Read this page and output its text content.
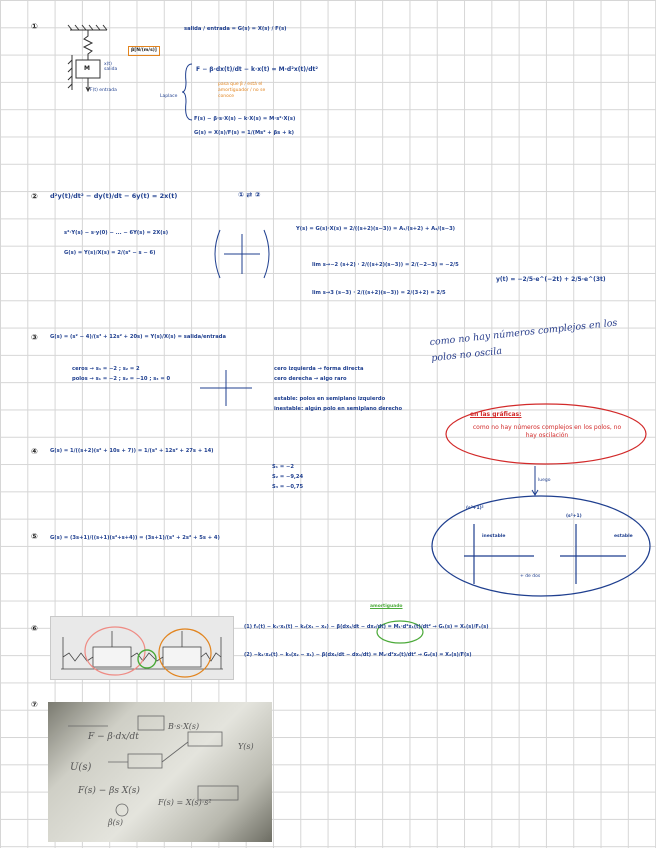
①
②
③
④
⑤
⑥
⑦
M
x(t) salida
F(t) entrada
β[N/(m/s)]
salida / entrada = G(s) = X(s) / F(s)
F − β·dx(t)/dt − k·x(t) = M·d²x(t)/dt²
pasa que β / está el amortiguador / no se conoce
Laplace
F(s) − β·s·X(s) − k·X(s) = M·s²·X(s)
G(s) = X(s)/F(s) = 1/(Ms² + βs + k)
d²y(t)/dt² − dy(t)/dt − 6y(t) = 2x(t)	① ⇄ ②
s²·Y(s) − s·y(0) − ... − 6Y(s) = 2X(s)
G(s) = Y(s)/X(s) = 2/(s² − s − 6)
Y(s) = G(s)·X(s) = 2/((s+2)(s−3)) = A₁/(s+2) + A₂/(s−3)
lim s→−2 (s+2) · 2/((s+2)(s−3)) = 2/(−2−3) = −2/5
lim s→3 (s−3) · 2/((s+2)(s−3)) = 2/(3+2) = 2/5
y(t) = −2/5·e^(−2t) + 2/5·e^(3t)
G(s) = (s² − 4)/(s³ + 12s² + 20s) = Y(s)/X(s) = salida/entrada
ceros → s₁ = −2 ; s₂ = 2
polos → s₁ = −2 ; s₂ = −10 ; s₃ = 0
cero izquierda → forma directa
cero derecha → algo raro
estable: polos en semiplano izquierdo
inestable: algún polo en semiplano derecho
como no hay números complejos en los polos no oscila
en las gráficas:
como no hay números complejos en los polos, no hay oscilación
G(s) = 1/((s+2)(s² + 10s + 7)) = 1/(s³ + 12s² + 27s + 14)
S₁ = −2
S₂ = −9,24
S₃ = −0,75
luego
(s²+1)²
(s²+1)
inestable	estable
+ de dos
G(s) = (3s+1)/((s+1)(s²+s+4)) = (3s+1)/(s³ + 2s² + 5s + 4)
amortiguado
(1) f₁(t) − k₁·x₁(t) − k₂(x₁ − x₂) − β(dx₁/dt − dx₂/dt) = M₁·d²x₁(t)/dt² → G₁(s) = X₁(s)/F₁(s)
(2) −k₂·x₂(t) − k₃(x₂ − x₁) − β(dx₂/dt − dx₁/dt) = M₂·d²x₂(t)/dt² → G₂(s) = X₂(s)/F(s)
U(s)
F − β·dx/dt
F(s) − βs X(s)
B·s·X(s)
Y(s)
F(s) = X(s)·s²
β(s)
